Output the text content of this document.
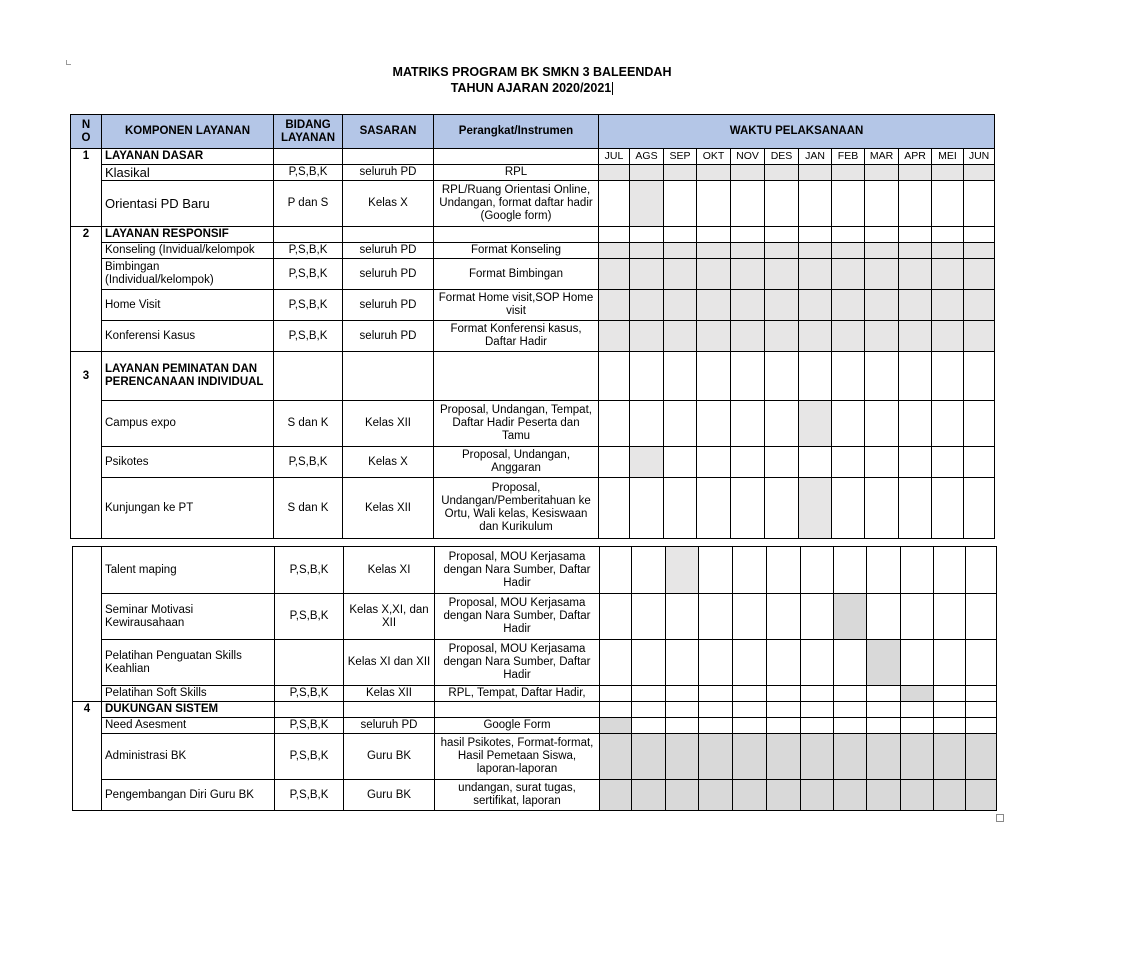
MATRIKS PROGRAM BK SMKN 3 BALEENDAH
TAHUN AJARAN 2020/2021
N O	KOMPONEN LAYANAN	BIDANG LAYANAN	SASARAN	Perangkat/Instrumen	WAKTU PELAKSANAAN											
1	LAYANAN DASAR				JUL	AGS	SEP	OKT	NOV	DES	JAN	FEB	MAR	APR	MEI	JUN
	Klasikal	P,S,B,K	seluruh PD	RPL												
	Orientasi PD Baru	P dan S	Kelas X	RPL/Ruang Orientasi Online, Undangan, format daftar hadir (Google form)												
2	LAYANAN RESPONSIF															
	Konseling (Invidual/kelompok	P,S,B,K	seluruh PD	Format Konseling												
	Bimbingan (Individual/kelompok)	P,S,B,K	seluruh PD	Format Bimbingan												
	Home Visit	P,S,B,K	seluruh PD	Format Home visit,SOP Home visit												
	Konferensi Kasus	P,S,B,K	seluruh PD	Format Konferensi kasus, Daftar Hadir												
3	LAYANAN PEMINATAN DAN PERENCANAAN INDIVIDUAL															
	Campus expo	S dan K	Kelas XII	Proposal, Undangan, Tempat, Daftar Hadir Peserta dan Tamu												
	Psikotes	P,S,B,K	Kelas X	Proposal, Undangan, Anggaran												
	Kunjungan ke PT	S dan K	Kelas XII	Proposal, Undangan/Pemberitahuan ke Ortu, Wali kelas, Kesiswaan dan Kurikulum												
	Talent maping	P,S,B,K	Kelas XI	Proposal, MOU Kerjasama dengan Nara Sumber, Daftar Hadir												
	Seminar Motivasi Kewirausahaan	P,S,B,K	Kelas X,XI, dan XII	Proposal, MOU Kerjasama dengan Nara Sumber, Daftar Hadir												
	Pelatihan Penguatan Skills Keahlian		Kelas XI dan XII	Proposal, MOU Kerjasama dengan Nara Sumber, Daftar Hadir												
	Pelatihan Soft Skills	P,S,B,K	Kelas XII	RPL, Tempat, Daftar Hadir,												
4	DUKUNGAN SISTEM															
	Need Asesment	P,S,B,K	seluruh PD	Google Form												
	Administrasi BK	P,S,B,K	Guru BK	hasil Psikotes, Format-format, Hasil Pemetaan Siswa, laporan-laporan												
	Pengembangan Diri Guru BK	P,S,B,K	Guru BK	undangan, surat tugas, sertifikat, laporan												
